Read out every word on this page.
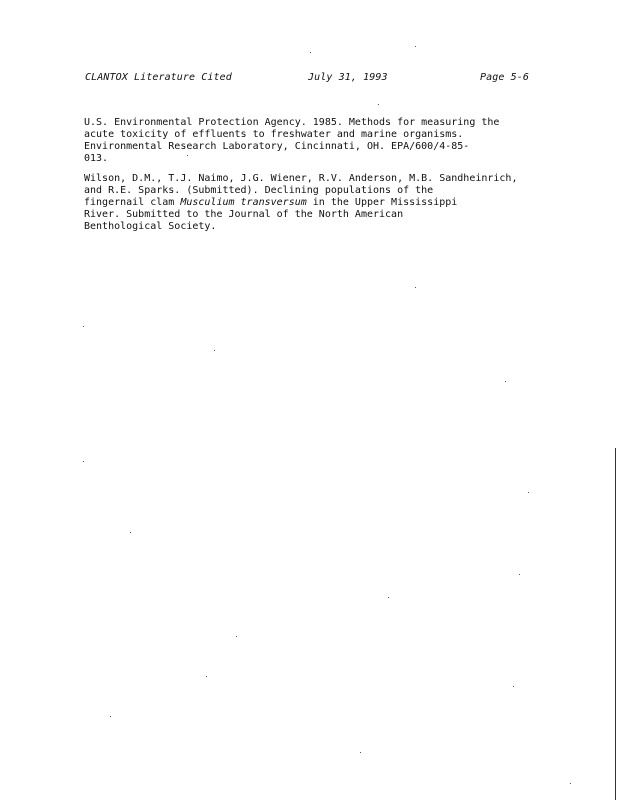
CLANTOX Literature Cited	July 31, 1993	Page 5-6
U.S. Environmental Protection Agency. 1985. Methods for measuring the
acute toxicity of effluents to freshwater and marine organisms.
Environmental Research Laboratory, Cincinnati, OH. EPA/600/4-85-
013.
Wilson, D.M., T.J. Naimo, J.G. Wiener, R.V. Anderson, M.B. Sandheinrich,
and R.E. Sparks. (Submitted). Declining populations of the
fingernail clam Musculium transversum in the Upper Mississippi
River. Submitted to the Journal of the North American
Benthological Society.
